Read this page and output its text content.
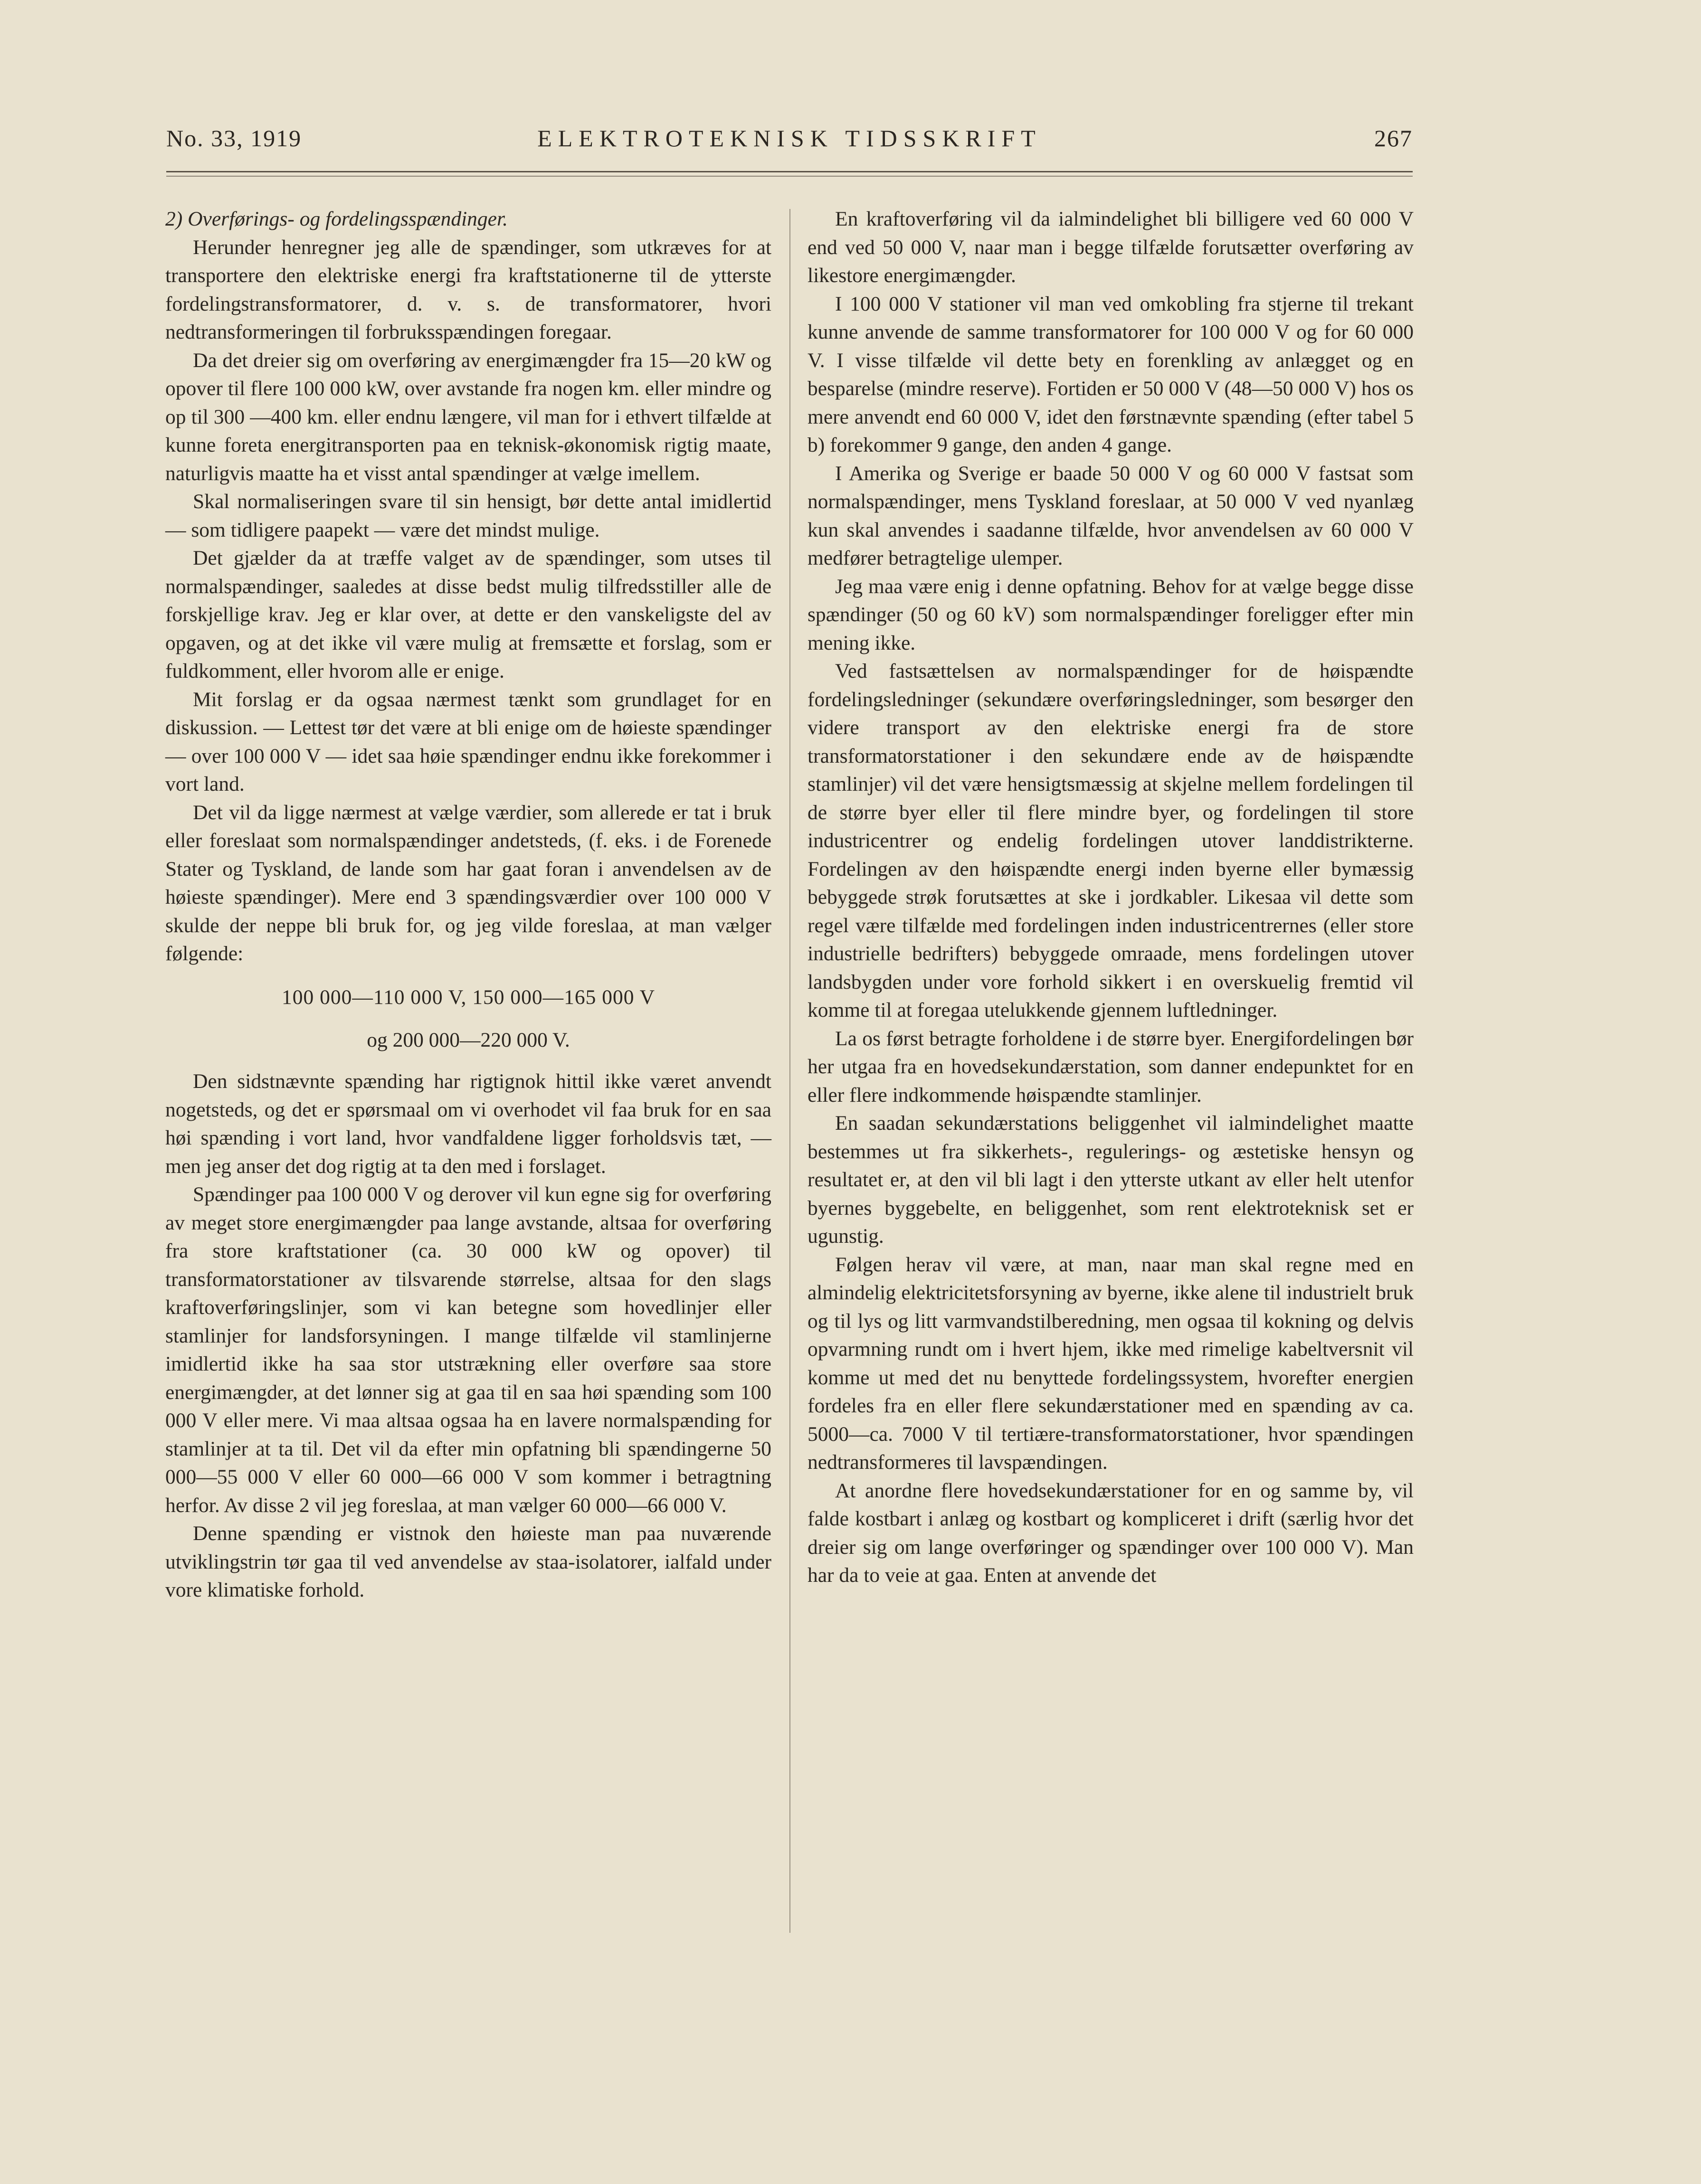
No. 33, 1919	ELEKTROTEKNISK TIDSSKRIFT	267

2) Overførings- og fordelingsspændinger.

Herunder henregner jeg alle de spændinger, som utkræves for at transportere den elektriske energi fra kraftstationerne til de ytterste fordelingstransformatorer, d. v. s. de transformatorer, hvori nedtransformeringen til forbruksspændingen foregaar.

Da det dreier sig om overføring av energimængder fra 15—20 kW og opover til flere 100 000 kW, over avstande fra nogen km. eller mindre og op til 300 —400 km. eller endnu længere, vil man for i ethvert tilfælde at kunne foreta energitransporten paa en teknisk-økonomisk rigtig maate, naturligvis maatte ha et visst antal spændinger at vælge imellem.

Skal normaliseringen svare til sin hensigt, bør dette antal imidlertid — som tidligere paapekt — være det mindst mulige.

Det gjælder da at træffe valget av de spændinger, som utses til normalspændinger, saaledes at disse bedst mulig tilfredsstiller alle de forskjellige krav. Jeg er klar over, at dette er den vanskeligste del av opgaven, og at det ikke vil være mulig at fremsætte et forslag, som er fuldkomment, eller hvorom alle er enige.

Mit forslag er da ogsaa nærmest tænkt som grundlaget for en diskussion. — Lettest tør det være at bli enige om de høieste spændinger — over 100 000 V — idet saa høie spændinger endnu ikke forekommer i vort land.

Det vil da ligge nærmest at vælge værdier, som allerede er tat i bruk eller foreslaat som normalspændinger andetsteds, (f. eks. i de Forenede Stater og Tyskland, de lande som har gaat foran i anvendelsen av de høieste spændinger). Mere end 3 spændingsværdier over 100 000 V skulde der neppe bli bruk for, og jeg vilde foreslaa, at man vælger følgende:

100 000—110 000 V, 150 000—165 000 V

og 200 000—220 000 V.

Den sidstnævnte spænding har rigtignok hittil ikke været anvendt nogetsteds, og det er spørsmaal om vi overhodet vil faa bruk for en saa høi spænding i vort land, hvor vandfaldene ligger forholdsvis tæt, — men jeg anser det dog rigtig at ta den med i forslaget.

Spændinger paa 100 000 V og derover vil kun egne sig for overføring av meget store energimængder paa lange avstande, altsaa for overføring fra store kraftstationer (ca. 30 000 kW og opover) til transformatorstationer av tilsvarende størrelse, altsaa for den slags kraftoverføringslinjer, som vi kan betegne som hovedlinjer eller stamlinjer for landsforsyningen. I mange tilfælde vil stamlinjerne imidlertid ikke ha saa stor utstrækning eller overføre saa store energimængder, at det lønner sig at gaa til en saa høi spænding som 100 000 V eller mere. Vi maa altsaa ogsaa ha en lavere normalspænding for stamlinjer at ta til. Det vil da efter min opfatning bli spændingerne 50 000—55 000 V eller 60 000—66 000 V som kommer i betragtning herfor. Av disse 2 vil jeg foreslaa, at man vælger 60 000—66 000 V.

Denne spænding er vistnok den høieste man paa nuværende utviklingstrin tør gaa til ved anvendelse av staa-isolatorer, ialfald under vore klimatiske forhold.

En kraftoverføring vil da ialmindelighet bli billigere ved 60 000 V end ved 50 000 V, naar man i begge tilfælde forutsætter overføring av likestore energimængder.

I 100 000 V stationer vil man ved omkobling fra stjerne til trekant kunne anvende de samme transformatorer for 100 000 V og for 60 000 V. I visse tilfælde vil dette bety en forenkling av anlægget og en besparelse (mindre reserve). Fortiden er 50 000 V (48—50 000 V) hos os mere anvendt end 60 000 V, idet den førstnævnte spænding (efter tabel 5 b) forekommer 9 gange, den anden 4 gange.

I Amerika og Sverige er baade 50 000 V og 60 000 V fastsat som normalspændinger, mens Tyskland foreslaar, at 50 000 V ved nyanlæg kun skal anvendes i saadanne tilfælde, hvor anvendelsen av 60 000 V medfører betragtelige ulemper.

Jeg maa være enig i denne opfatning. Behov for at vælge begge disse spændinger (50 og 60 kV) som normalspændinger foreligger efter min mening ikke.

Ved fastsættelsen av normalspændinger for de høispændte fordelingsledninger (sekundære overføringsledninger, som besørger den videre transport av den elektriske energi fra de store transformatorstationer i den sekundære ende av de høispændte stamlinjer) vil det være hensigtsmæssig at skjelne mellem fordelingen til de større byer eller til flere mindre byer, og fordelingen til store industricentrer og endelig fordelingen utover landdistrikterne. Fordelingen av den høispændte energi inden byerne eller bymæssig bebyggede strøk forutsættes at ske i jordkabler. Likesaa vil dette som regel være tilfælde med fordelingen inden industricentrernes (eller store industrielle bedrifters) bebyggede omraade, mens fordelingen utover landsbygden under vore forhold sikkert i en overskuelig fremtid vil komme til at foregaa utelukkende gjennem luftledninger.

La os først betragte forholdene i de større byer. Energifordelingen bør her utgaa fra en hovedsekundærstation, som danner endepunktet for en eller flere indkommende høispændte stamlinjer.

En saadan sekundærstations beliggenhet vil ialmindelighet maatte bestemmes ut fra sikkerhets-, regulerings- og æstetiske hensyn og resultatet er, at den vil bli lagt i den ytterste utkant av eller helt utenfor byernes byggebelte, en beliggenhet, som rent elektroteknisk set er ugunstig.

Følgen herav vil være, at man, naar man skal regne med en almindelig elektricitetsforsyning av byerne, ikke alene til industrielt bruk og til lys og litt varmvandstilberedning, men ogsaa til kokning og delvis opvarmning rundt om i hvert hjem, ikke med rimelige kabeltversnit vil komme ut med det nu benyttede fordelingssystem, hvorefter energien fordeles fra en eller flere sekundærstationer med en spænding av ca. 5000—ca. 7000 V til tertiære-transformatorstationer, hvor spændingen nedtransformeres til lavspændingen.

At anordne flere hovedsekundærstationer for en og samme by, vil falde kostbart i anlæg og kostbart og kompliceret i drift (særlig hvor det dreier sig om lange overføringer og spændinger over 100 000 V). Man har da to veie at gaa. Enten at anvende det
